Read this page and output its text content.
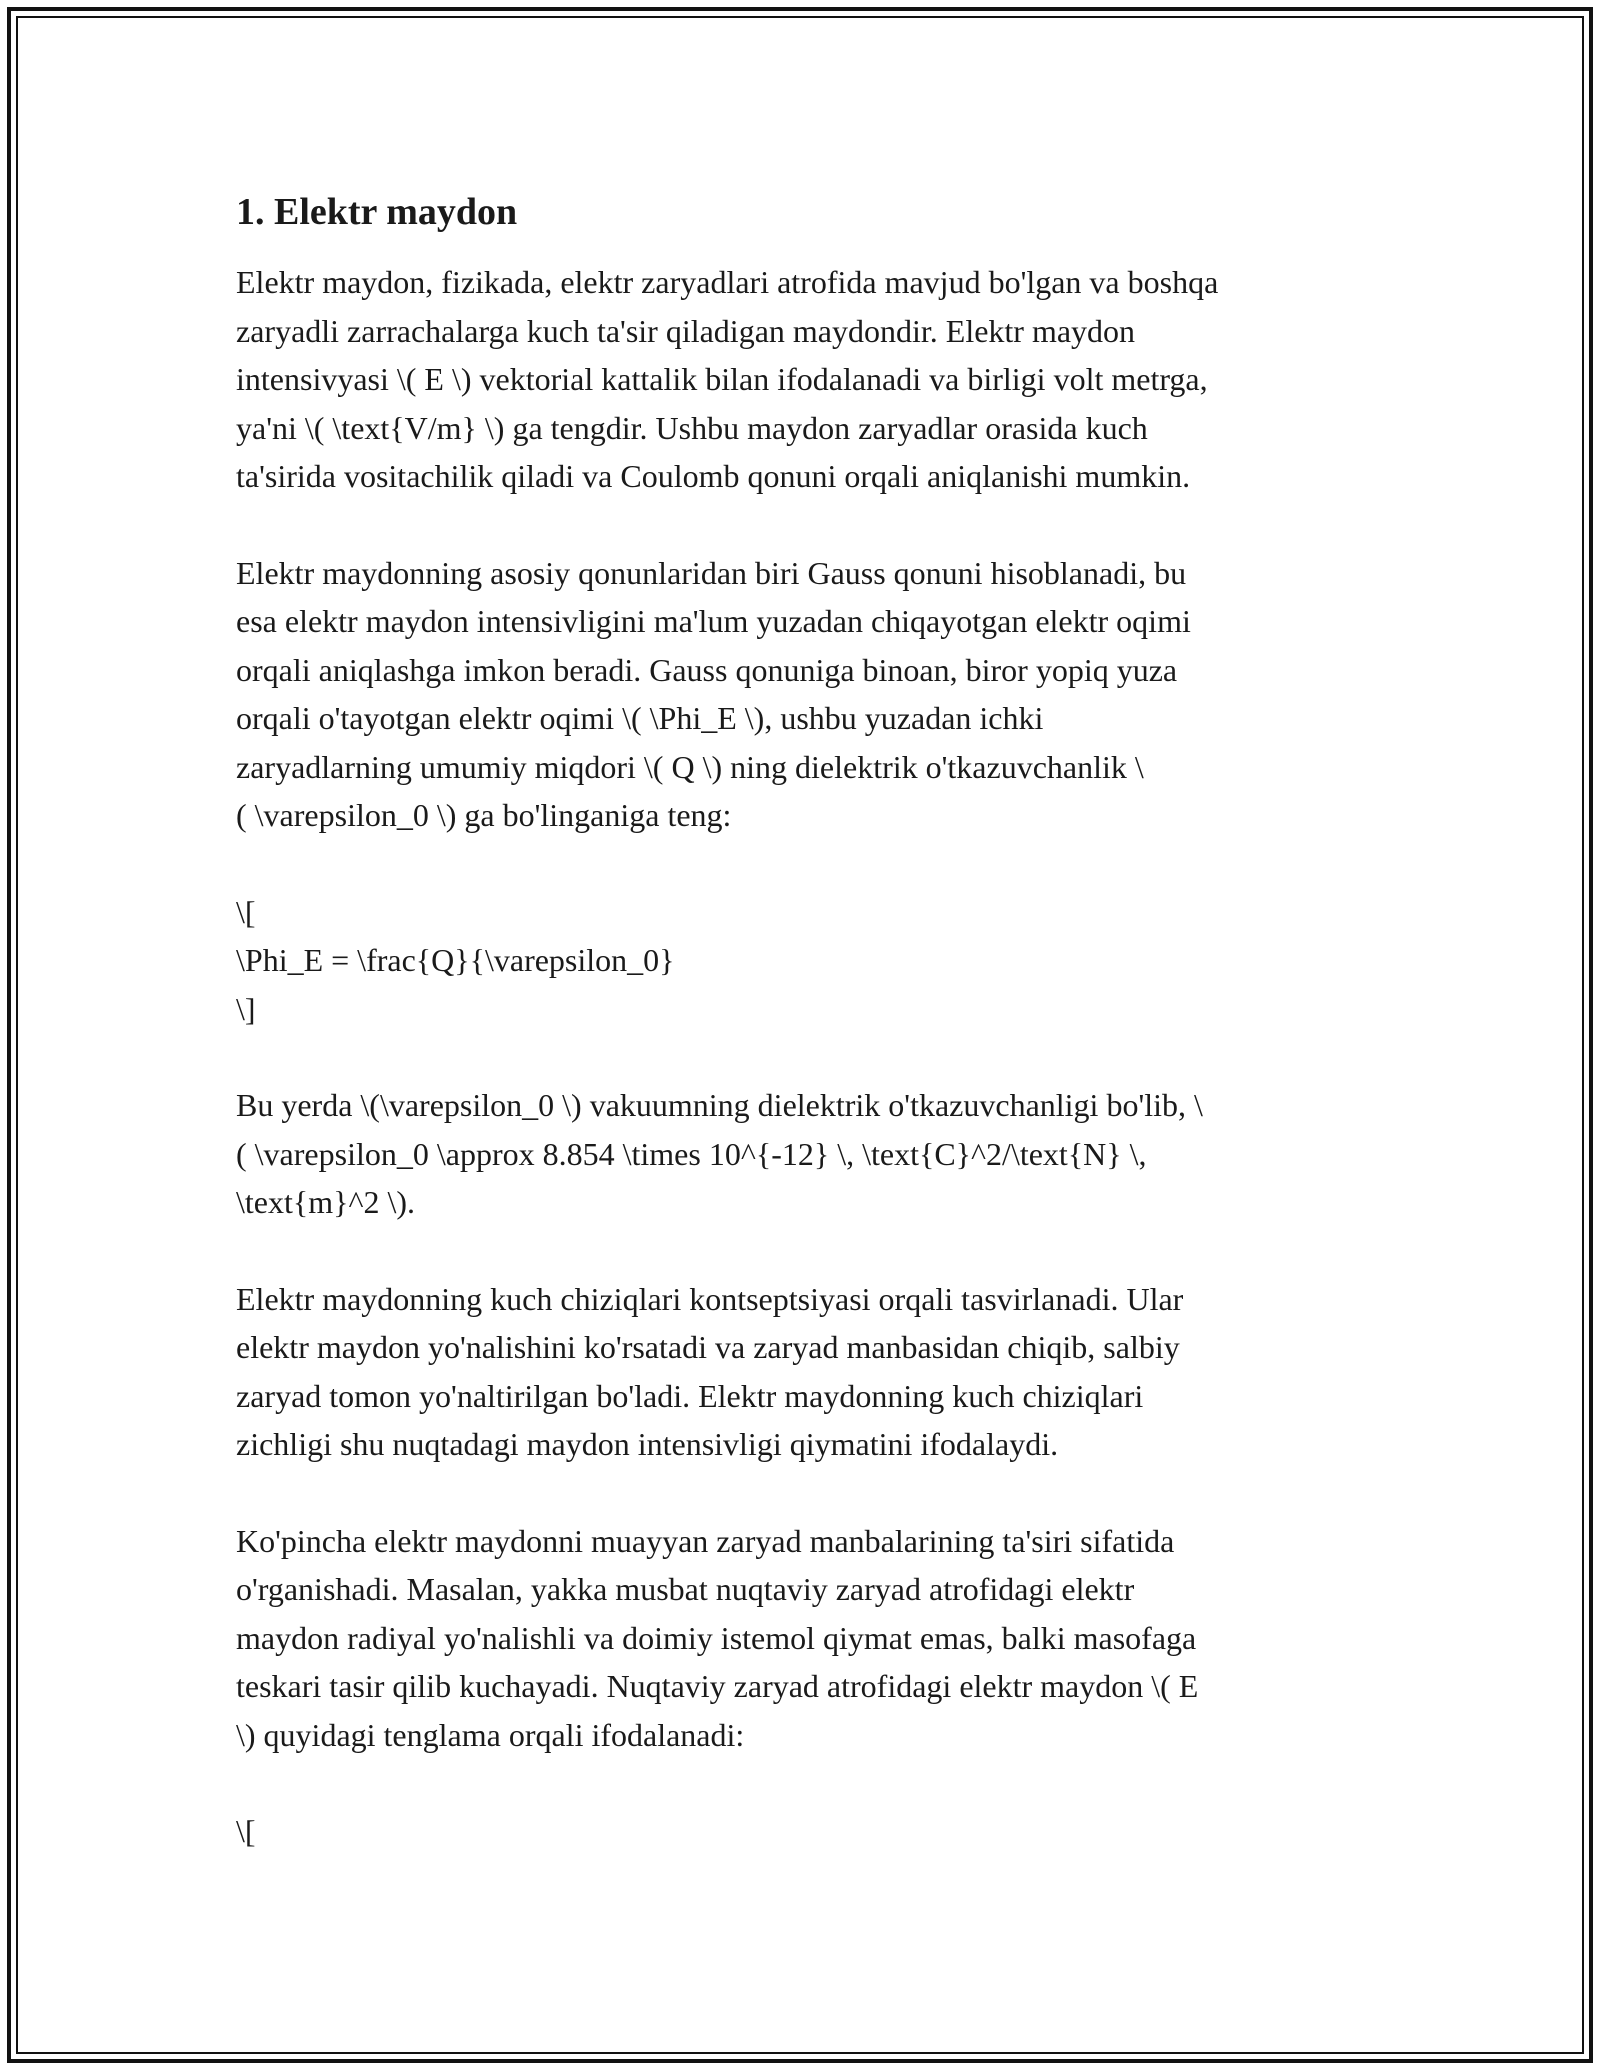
1. Elektr maydon

Elektr maydon, fizikada, elektr zaryadlari atrofida mavjud bo'lgan va boshqa
zaryadli zarrachalarga kuch ta'sir qiladigan maydondir. Elektr maydon
intensivyasi \( E \) vektorial kattalik bilan ifodalanadi va birligi volt metrga,
ya'ni \( \text{V/m} \) ga tengdir. Ushbu maydon zaryadlar orasida kuch
ta'sirida vositachilik qiladi va Coulomb qonuni orqali aniqlanishi mumkin.

Elektr maydonning asosiy qonunlaridan biri Gauss qonuni hisoblanadi, bu
esa elektr maydon intensivligini ma'lum yuzadan chiqayotgan elektr oqimi
orqali aniqlashga imkon beradi. Gauss qonuniga binoan, biror yopiq yuza
orqali o'tayotgan elektr oqimi \( \Phi_E \), ushbu yuzadan ichki
zaryadlarning umumiy miqdori \( Q \) ning dielektrik o'tkazuvchanlik \
( \varepsilon_0 \) ga bo'linganiga teng:

\[
\Phi_E = \frac{Q}{\varepsilon_0}
\]

Bu yerda \(\varepsilon_0 \) vakuumning dielektrik o'tkazuvchanligi bo'lib, \
( \varepsilon_0 \approx 8.854 \times 10^{-12} \, \text{C}^2/\text{N} \,
\text{m}^2 \).

Elektr maydonning kuch chiziqlari kontseptsiyasi orqali tasvirlanadi. Ular
elektr maydon yo'nalishini ko'rsatadi va zaryad manbasidan chiqib, salbiy
zaryad tomon yo'naltirilgan bo'ladi. Elektr maydonning kuch chiziqlari
zichligi shu nuqtadagi maydon intensivligi qiymatini ifodalaydi.

Ko'pincha elektr maydonni muayyan zaryad manbalarining ta'siri sifatida
o'rganishadi. Masalan, yakka musbat nuqtaviy zaryad atrofidagi elektr
maydon radiyal yo'nalishli va doimiy istemol qiymat emas, balki masofaga
teskari tasir qilib kuchayadi. Nuqtaviy zaryad atrofidagi elektr maydon \( E
\) quyidagi tenglama orqali ifodalanadi:

\[
